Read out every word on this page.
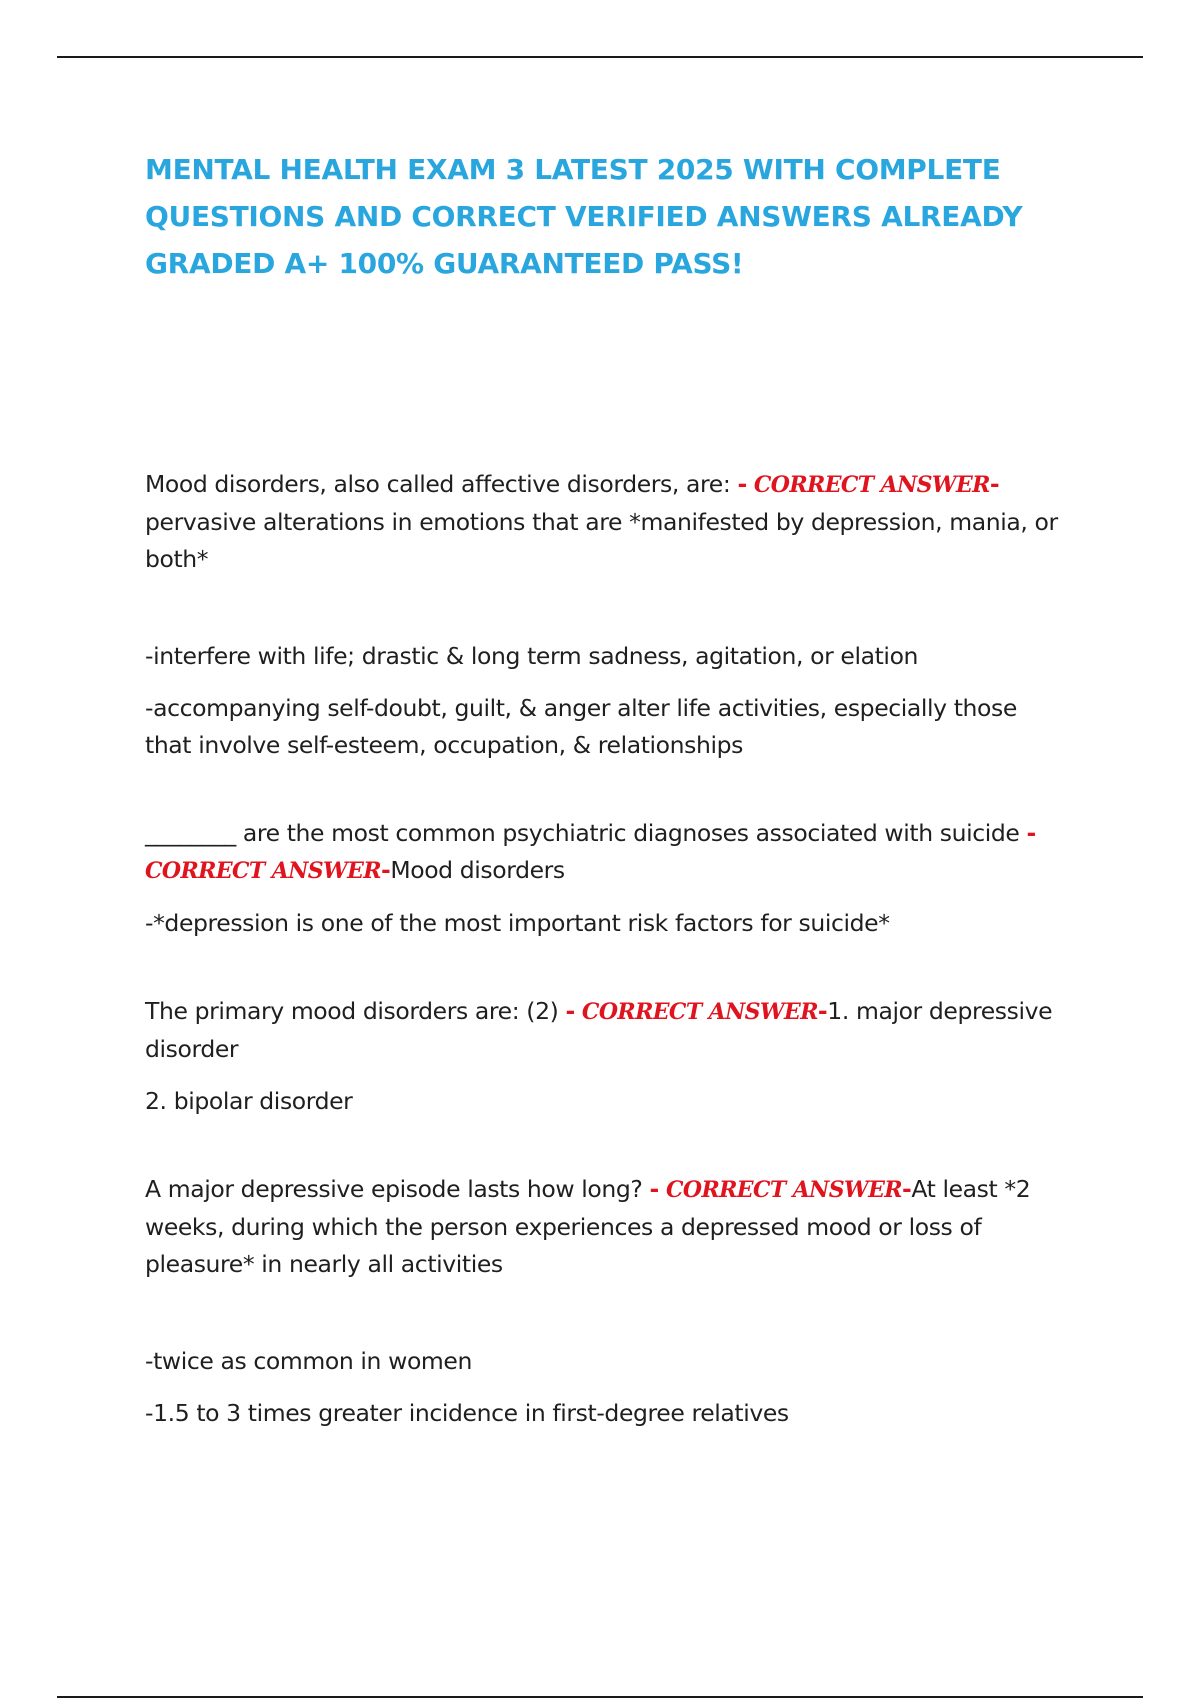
MENTAL HEALTH EXAM 3 LATEST 2025 WITH COMPLETE QUESTIONS AND CORRECT VERIFIED ANSWERS ALREADY GRADED A+ 100% GUARANTEED PASS!

Mood disorders, also called affective disorders, are: - CORRECT ANSWER- pervasive alterations in emotions that are *manifested by depression, mania, or both*

-interfere with life; drastic & long term sadness, agitation, or elation

-accompanying self-doubt, guilt, & anger alter life activities, especially those that involve self-esteem, occupation, & relationships

________ are the most common psychiatric diagnoses associated with suicide - CORRECT ANSWER-Mood disorders

-*depression is one of the most important risk factors for suicide*

The primary mood disorders are: (2) - CORRECT ANSWER-1. major depressive disorder

2. bipolar disorder

A major depressive episode lasts how long? - CORRECT ANSWER-At least *2 weeks, during which the person experiences a depressed mood or loss of pleasure* in nearly all activities

-twice as common in women

-1.5 to 3 times greater incidence in first-degree relatives
